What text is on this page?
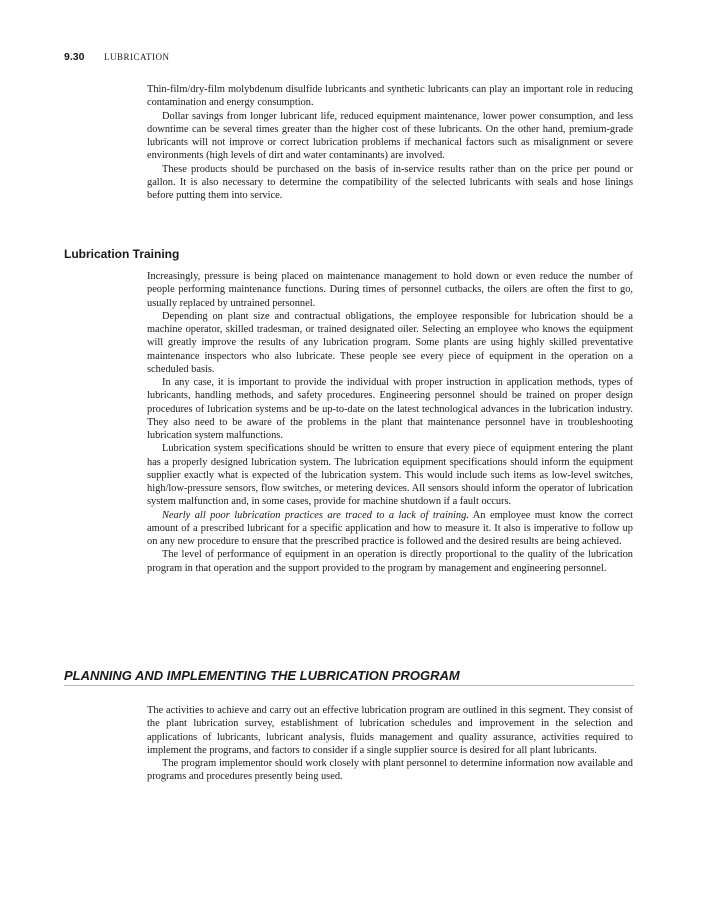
9.30	LUBRICATION

Thin-film/dry-film molybdenum disulfide lubricants and synthetic lubricants can play an important role in reducing contamination and energy consumption.

Dollar savings from longer lubricant life, reduced equipment maintenance, lower power consumption, and less downtime can be several times greater than the higher cost of these lubricants. On the other hand, premium-grade lubricants will not improve or correct lubrication problems if mechanical factors such as misalignment or severe environments (high levels of dirt and water contaminants) are involved.

These products should be purchased on the basis of in-service results rather than on the price per pound or gallon. It is also necessary to determine the compatibility of the selected lubricants with seals and hose linings before putting them into service.

Lubrication Training

Increasingly, pressure is being placed on maintenance management to hold down or even reduce the number of people performing maintenance functions. During times of personnel cutbacks, the oilers are often the first to go, usually replaced by untrained personnel.

Depending on plant size and contractual obligations, the employee responsible for lubrication should be a machine operator, skilled tradesman, or trained designated oiler. Selecting an employee who knows the equipment will greatly improve the results of any lubrication program. Some plants are using highly skilled preventative maintenance inspectors who also lubricate. These people see every piece of equipment in the operation on a scheduled basis.

In any case, it is important to provide the individual with proper instruction in application methods, types of lubricants, handling methods, and safety procedures. Engineering personnel should be trained on proper design procedures of lubrication systems and be up-to-date on the latest technological advances in the lubrication industry. They also need to be aware of the problems in the plant that maintenance personnel have in troubleshooting lubrication system malfunctions.

Lubrication system specifications should be written to ensure that every piece of equipment entering the plant has a properly designed lubrication system. The lubrication equipment specifications should inform the equipment supplier exactly what is expected of the lubrication system. This would include such items as low-level switches, high/low-pressure sensors, flow switches, or metering devices. All sensors should inform the operator of lubrication system malfunction and, in some cases, provide for machine shutdown if a fault occurs.

Nearly all poor lubrication practices are traced to a lack of training. An employee must know the correct amount of a prescribed lubricant for a specific application and how to measure it. It also is imperative to follow up on any new procedure to ensure that the prescribed practice is followed and the desired results are being achieved.

The level of performance of equipment in an operation is directly proportional to the quality of the lubrication program in that operation and the support provided to the program by management and engineering personnel.

PLANNING AND IMPLEMENTING THE LUBRICATION PROGRAM

The activities to achieve and carry out an effective lubrication program are outlined in this segment. They consist of the plant lubrication survey, establishment of lubrication schedules and improvement in the selection and applications of lubricants, lubricant analysis, fluids management and quality assurance, activities required to implement the programs, and factors to consider if a single supplier source is desired for all plant lubricants.

The program implementor should work closely with plant personnel to determine information now available and programs and procedures presently being used.
